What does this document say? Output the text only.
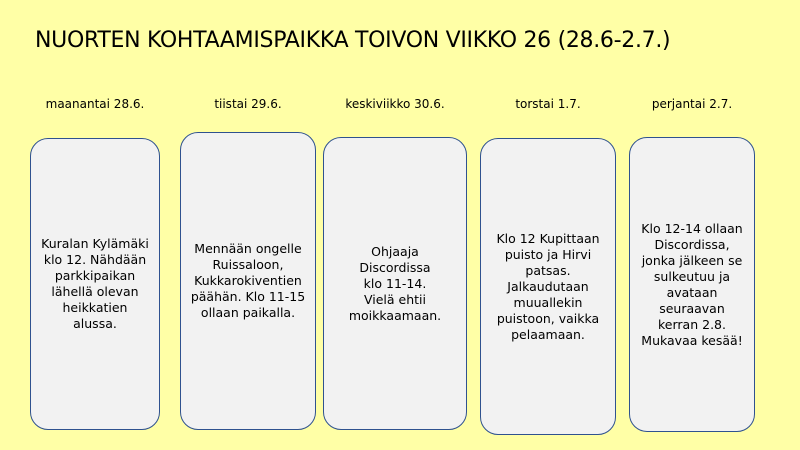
NUORTEN KOHTAAMISPAIKKA TOIVON VIIKKO 26 (28.6-2.7.)
maanantai 28.6.	tiistai 29.6.	keskiviikko 30.6.	torstai 1.7.	perjantai 2.7.
Kuralan Kylämäki
klo 12. Nähdään
parkkipaikan
lähellä olevan
heikkatien
alussa.
Mennään ongelle
Ruissaloon,
Kukkarokiventien
päähän. Klo 11-15
ollaan paikalla.
Ohjaaja
Discordissa
klo 11-14.
Vielä ehtii
moikkaamaan.
Klo 12 Kupittaan
puisto ja Hirvi
patsas.
Jalkaudutaan
muuallekin
puistoon, vaikka
pelaamaan.
Klo 12-14 ollaan
Discordissa,
jonka jälkeen se
sulkeutuu ja
avataan
seuraavan
kerran 2.8.
Mukavaa kesää!
